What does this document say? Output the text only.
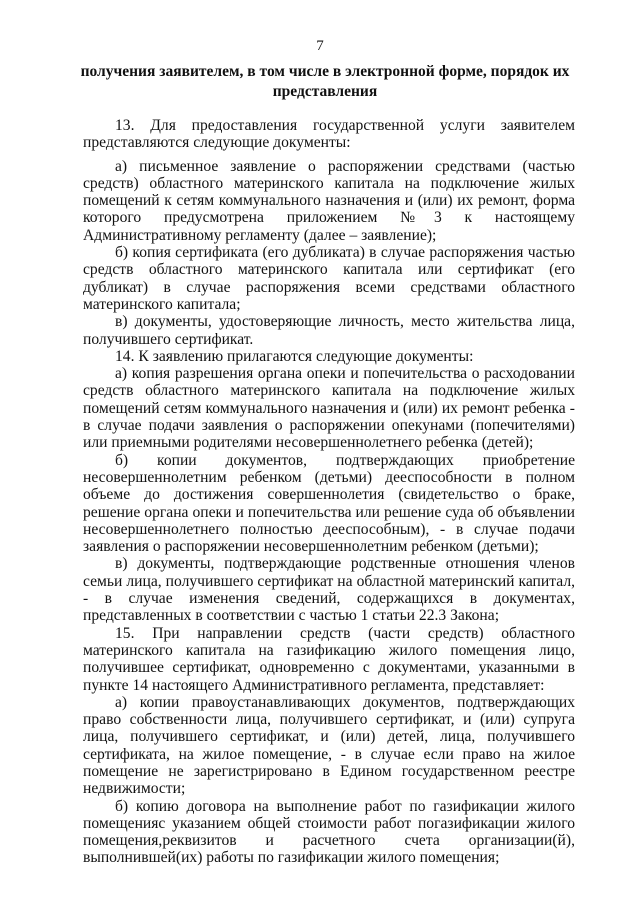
7
получения заявителем, в том числе в электронной форме, порядок их представления

13. Для предоставления государственной услуги заявителем представляются следующие документы:

а) письменное заявление о распоряжении средствами (частью средств) областного материнского капитала на подключение жилых помещений к сетям коммунального назначения и (или) их ремонт, форма которого предусмотрена приложением №3 к настоящему Административному регламенту (далее – заявление);

б) копия сертификата (его дубликата) в случае распоряжения частью средств областного материнского капитала или сертификат (его дубликат) в случае распоряжения всеми средствами областного материнского капитала;

в) документы, удостоверяющие личность, место жительства лица, получившего сертификат.

14. К заявлению прилагаются следующие документы:

а) копия разрешения органа опеки и попечительства о расходовании средств областного материнского капитала на подключение жилых помещений сетям коммунального назначения и (или) их ремонт ребенка - в случае подачи заявления о распоряжении опекунами (попечителями) или приемными родителями несовершеннолетнего ребенка (детей);

б) копии документов, подтверждающих приобретение несовершеннолетним ребенком (детьми) дееспособности в полном объеме до достижения совершеннолетия (свидетельство о браке, решение органа опеки и попечительства или решение суда об объявлении несовершеннолетнего полностью дееспособным), - в случае подачи заявления о распоряжении несовершеннолетним ребенком (детьми);

в) документы, подтверждающие родственные отношения членов семьи лица, получившего сертификат на областной материнский капитал, - в случае изменения сведений, содержащихся в документах, представленных в соответствии с частью 1 статьи 22.3 Закона;

15. При направлении средств (части средств) областного материнского капитала на газификацию жилого помещения лицо, получившее сертификат, одновременно с документами, указанными в пункте 14 настоящего Административного регламента, представляет:

а) копии правоустанавливающих документов, подтверждающих право собственности лица, получившего сертификат, и (или) супруга лица, получившего сертификат, и (или) детей, лица, получившего сертификата, на жилое помещение, - в случае если право на жилое помещение не зарегистрировано в Едином государственном реестре недвижимости;

б) копию договора на выполнение работ по газификации жилого помещенияс указанием общей стоимости работ погазификации жилого помещения,реквизитов и расчетного счета организации(й), выполнившей(их) работы по газификации жилого помещения;
